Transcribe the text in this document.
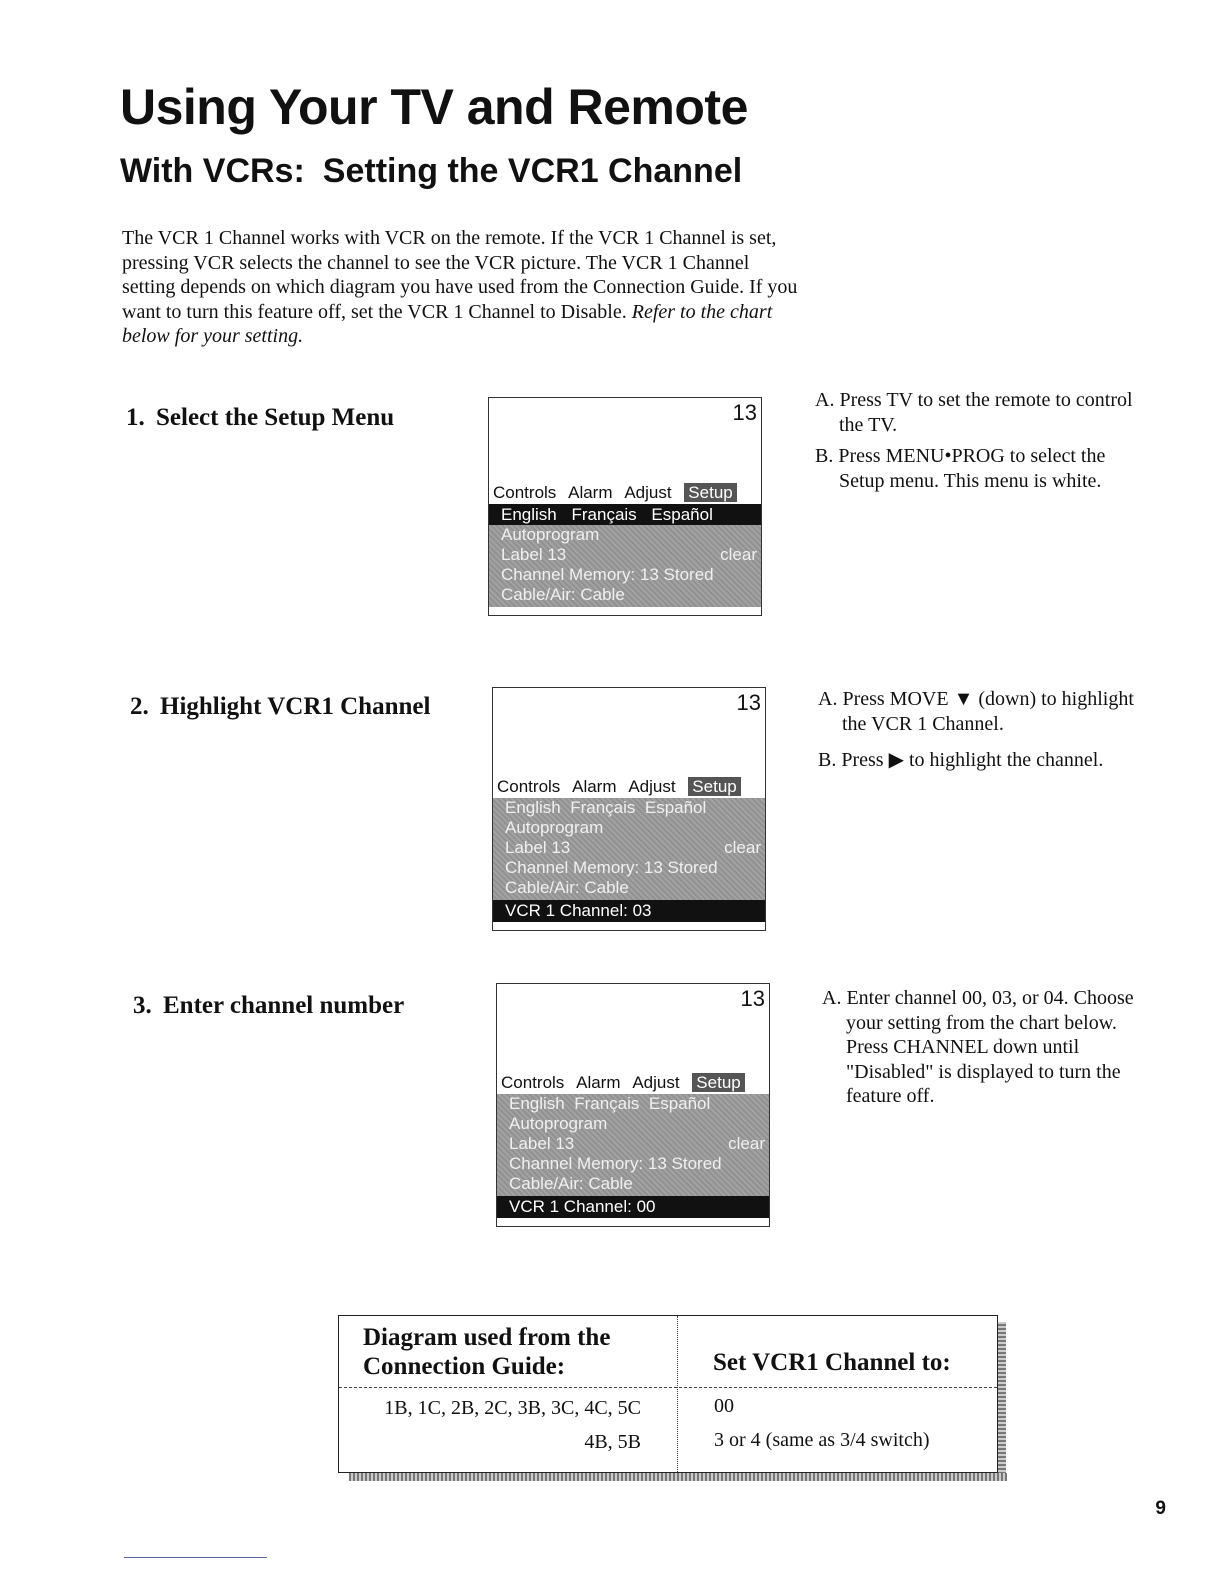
Using Your TV and Remote
With VCRs: Setting the VCR1 Channel
The VCR 1 Channel works with VCR on the remote. If the VCR 1 Channel is set, pressing VCR selects the channel to see the VCR picture. The VCR 1 Channel setting depends on which diagram you have used from the Connection Guide. If you want to turn this feature off, set the VCR 1 Channel to Disable. Refer to the chart below for your setting.
1. Select the Setup Menu	13
Controls Alarm Adjust Setup
English Français Español
Autoprogram
Label 13	clear
Channel Memory: 13 Stored
Cable/Air: Cable
A. Press TV to set the remote to control the TV.
B. Press MENU•PROG to select the Setup menu. This menu is white.
2. Highlight VCR1 Channel	13
Controls Alarm Adjust Setup
English Français Español
Autoprogram
Label 13	clear
Channel Memory: 13 Stored
Cable/Air: Cable
VCR 1 Channel: 03
A. Press MOVE ▼ (down) to highlight the VCR 1 Channel.
B. Press ▶ to highlight the channel.
3. Enter channel number	13
Controls Alarm Adjust Setup
English Français Español
Autoprogram
Label 13	clear
Channel Memory: 13 Stored
Cable/Air: Cable
VCR 1 Channel: 00
A. Enter channel 00, 03, or 04. Choose your setting from the chart below. Press CHANNEL down until "Disabled" is displayed to turn the feature off.
Diagram used from the Connection Guide:	Set VCR1 Channel to:
1B, 1C, 2B, 2C, 3B, 3C, 4C, 5C	00
4B, 5B	3 or 4 (same as 3/4 switch)
9
